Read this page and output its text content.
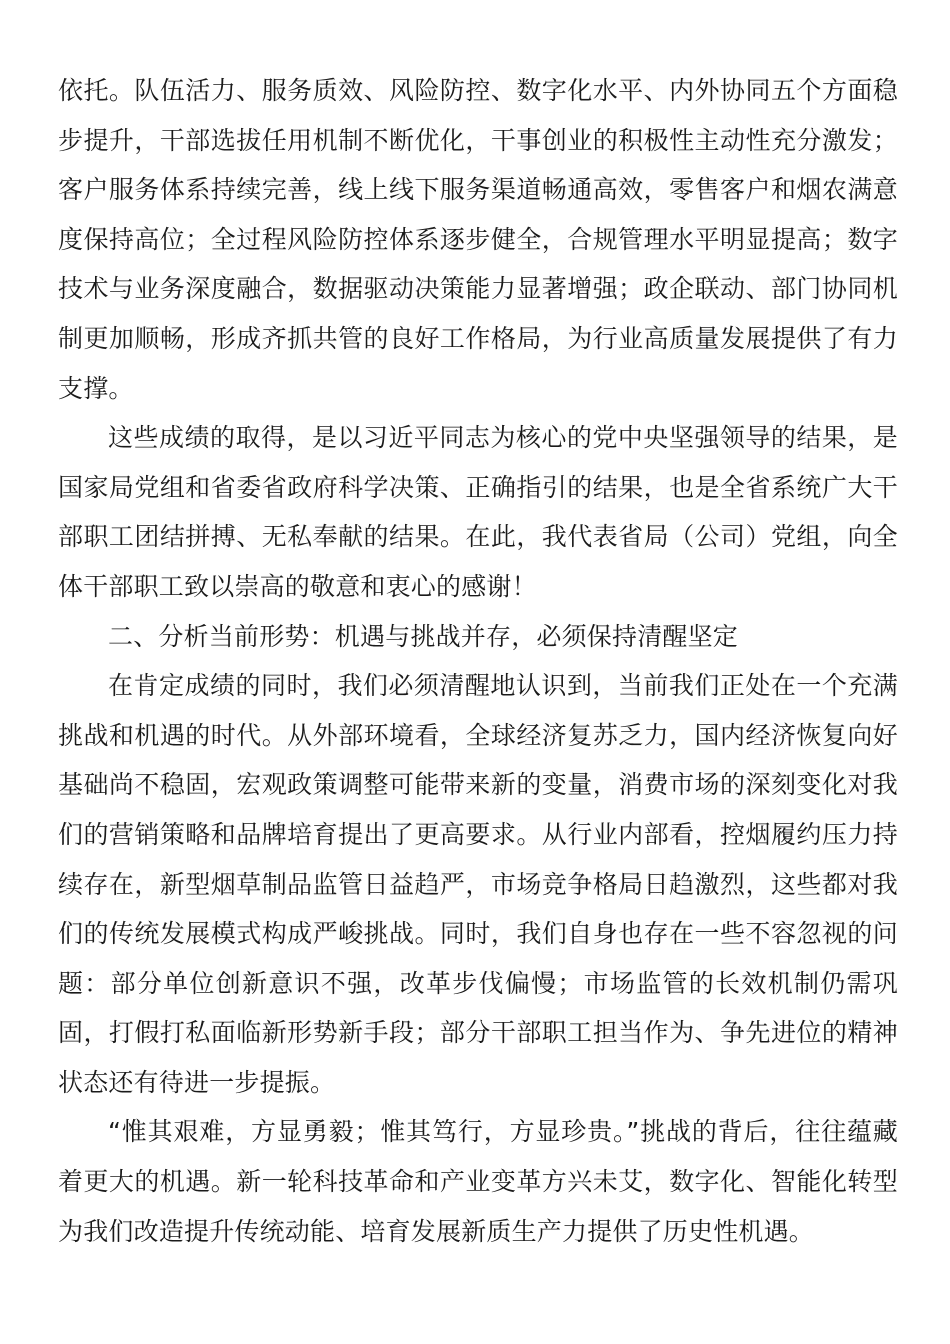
依托。队伍活力、服务质效、风险防控、数字化水平、内外协同五个方面稳步提升，干部选拔任用机制不断优化，干事创业的积极性主动性充分激发；客户服务体系持续完善，线上线下服务渠道畅通高效，零售客户和烟农满意度保持高位；全过程风险防控体系逐步健全，合规管理水平明显提高；数字技术与业务深度融合，数据驱动决策能力显著增强；政企联动、部门协同机制更加顺畅，形成齐抓共管的良好工作格局，为行业高质量发展提供了有力支撑。

这些成绩的取得，是以习近平同志为核心的党中央坚强领导的结果，是国家局党组和省委省政府科学决策、正确指引的结果，也是全省系统广大干部职工团结拼搏、无私奉献的结果。在此，我代表省局（公司）党组，向全体干部职工致以崇高的敬意和衷心的感谢！

二、分析当前形势：机遇与挑战并存，必须保持清醒坚定

在肯定成绩的同时，我们必须清醒地认识到，当前我们正处在一个充满挑战和机遇的时代。从外部环境看，全球经济复苏乏力，国内经济恢复向好基础尚不稳固，宏观政策调整可能带来新的变量，消费市场的深刻变化对我们的营销策略和品牌培育提出了更高要求。从行业内部看，控烟履约压力持续存在，新型烟草制品监管日益趋严，市场竞争格局日趋激烈，这些都对我们的传统发展模式构成严峻挑战。同时，我们自身也存在一些不容忽视的问题：部分单位创新意识不强，改革步伐偏慢；市场监管的长效机制仍需巩固，打假打私面临新形势新手段；部分干部职工担当作为、争先进位的精神状态还有待进一步提振。

“惟其艰难，方显勇毅；惟其笃行，方显珍贵。”挑战的背后，往往蕴藏着更大的机遇。新一轮科技革命和产业变革方兴未艾，数字化、智能化转型为我们改造提升传统动能、培育发展新质生产力提供了历史性机遇。
